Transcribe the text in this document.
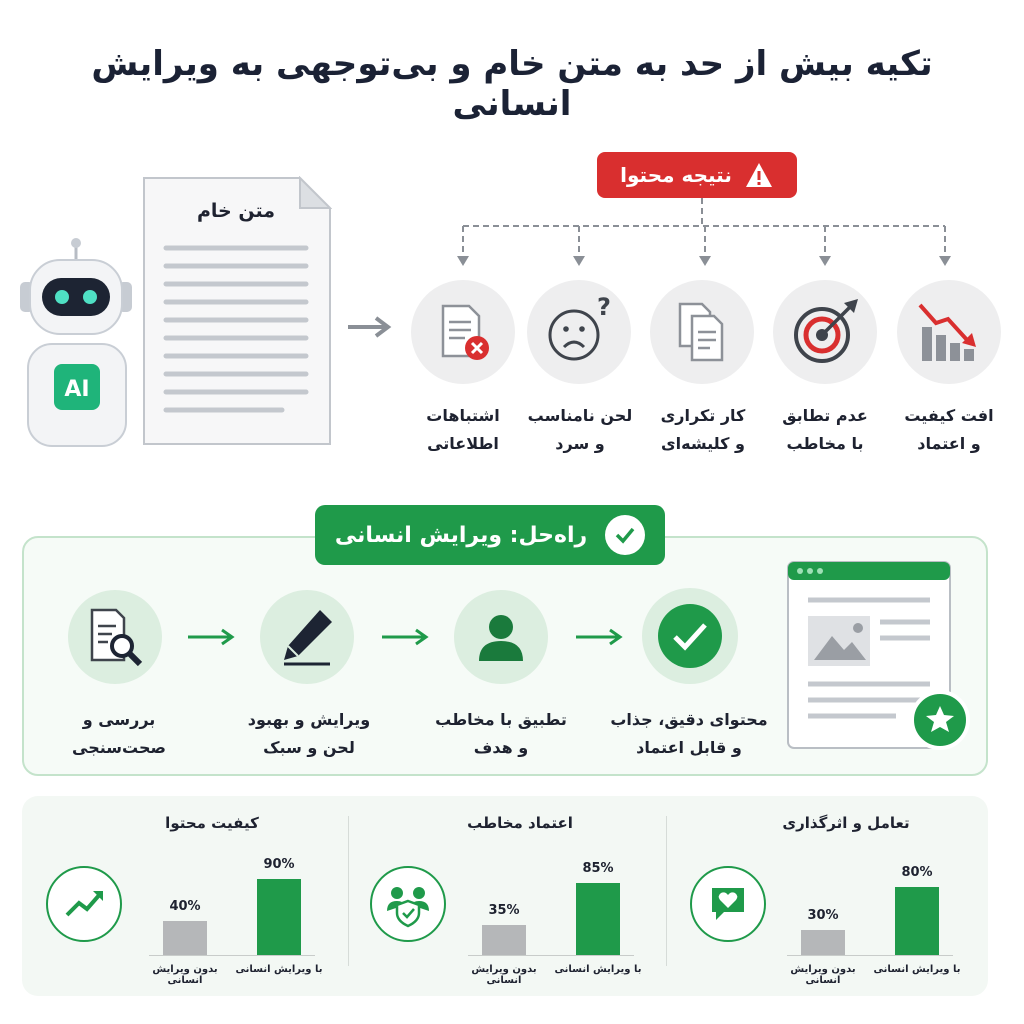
تکیه بیش از حد به متن خام و بی‌توجهی به ویرایش انسانی
AI
متن خام
نتیجه محتوا
?
اشتباهات
اطلاعاتی
لحن نامناسب
و سرد
کار تکراری
و کلیشه‌ای
عدم تطابق
با مخاطب
افت کیفیت
و اعتماد
راه‌حل: ویرایش انسانی
بررسی و صحت‌سنجی
ویرایش و بهبود
لحن و سبک
تطبیق با مخاطب
و هدف
محتوای دقیق، جذاب
و قابل اعتماد
کیفیت محتوا	اعتماد مخاطب	تعامل و اثرگذاری
40%
90%
بدون ویرایش انسانی
با ویرایش انسانی
35%
85%
بدون ویرایش انسانی
با ویرایش انسانی
30%
80%
بدون ویرایش انسانی
با ویرایش انسانی
